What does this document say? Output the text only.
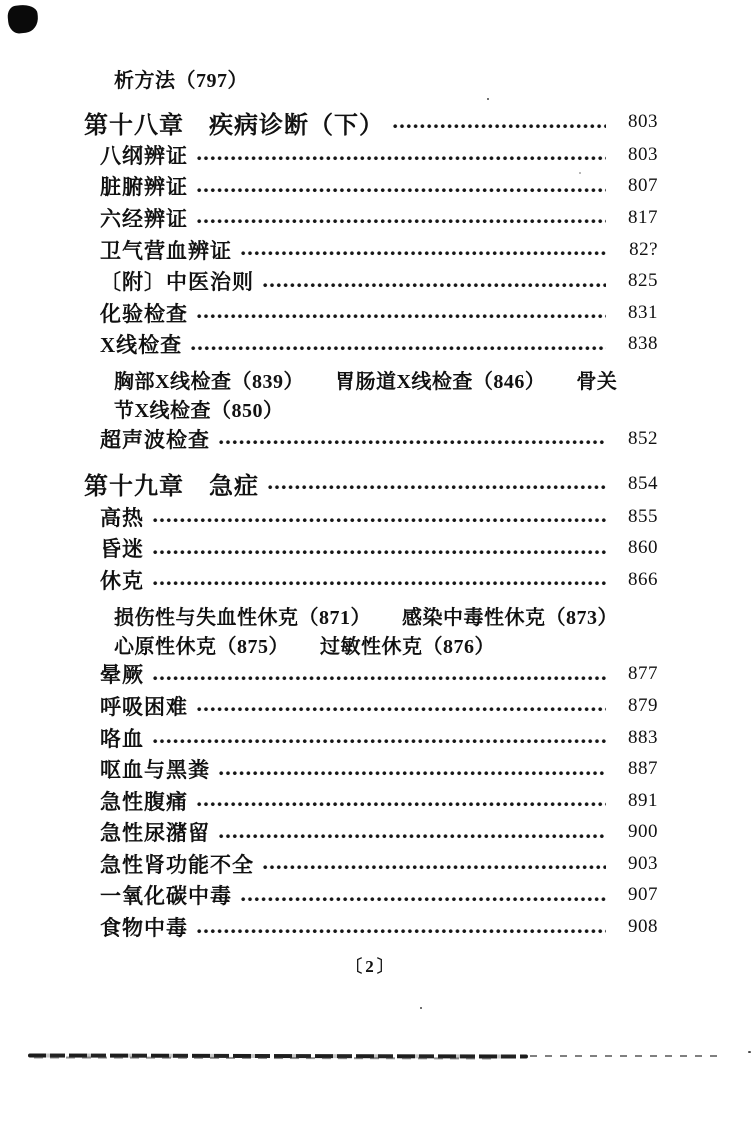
析方法（797）
第十八章　疾病诊断（下）	803
八纲辨证	803
脏腑辨证	807
六经辨证	817
卫气营血辨证	82?
〔附〕中医治则	825
化验检查	831
X线检查	838
胸部X线检查（839）　　胃肠道X线检查（846）　　骨关
节X线检查（850）
超声波检查	852
第十九章　急症	854
高热	855
昏迷	860
休克	866
损伤性与失血性休克（871）　　感染中毒性休克（873）
心原性休克（875）　　过敏性休克（876）
晕厥	877
呼吸困难	879
咯血	883
呕血与黑粪	887
急性腹痛	891
急性尿潴留	900
急性肾功能不全	903
一氧化碳中毒	907
食物中毒	908
〔2〕
